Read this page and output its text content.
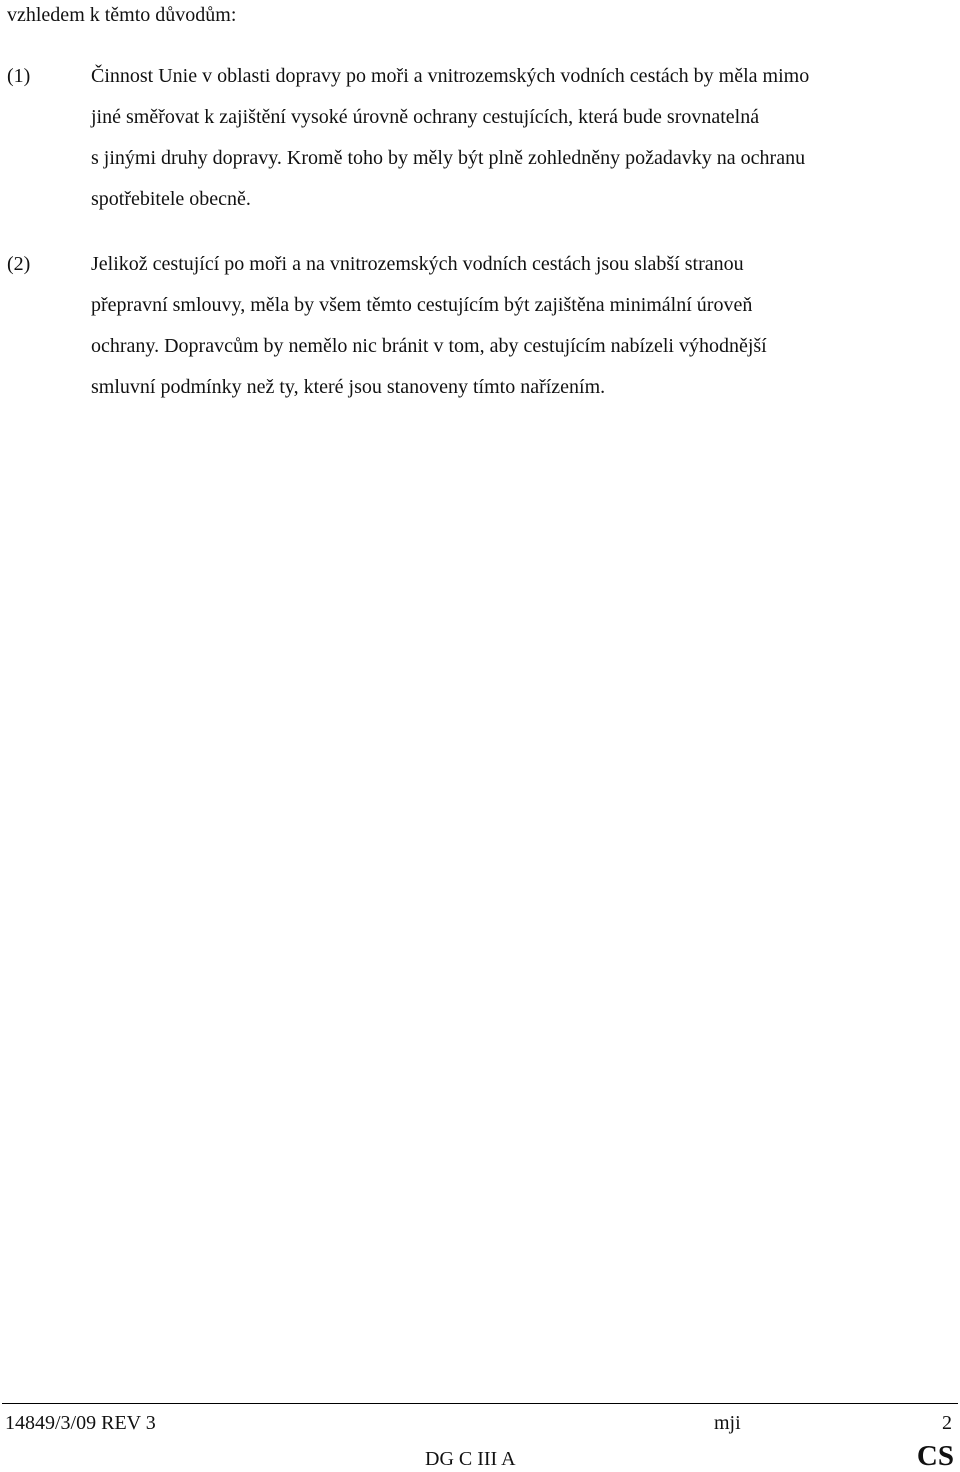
vzhledem k těmto důvodům:
(1)	Činnost Unie v oblasti dopravy po moři a vnitrozemských vodních cestách by měla mimo
jiné směřovat k zajištění vysoké úrovně ochrany cestujících, která bude srovnatelná
s jinými druhy dopravy. Kromě toho by měly být plně zohledněny požadavky na ochranu
spotřebitele obecně.
(2)	Jelikož cestující po moři a na vnitrozemských vodních cestách jsou slabší stranou
přepravní smlouvy, měla by všem těmto cestujícím být zajištěna minimální úroveň
ochrany. Dopravcům by nemělo nic bránit v tom, aby cestujícím nabízeli výhodnější
smluvní podmínky než ty, které jsou stanoveny tímto nařízením.
14849/3/09 REV 3	mji	2
DG C III A	CS
